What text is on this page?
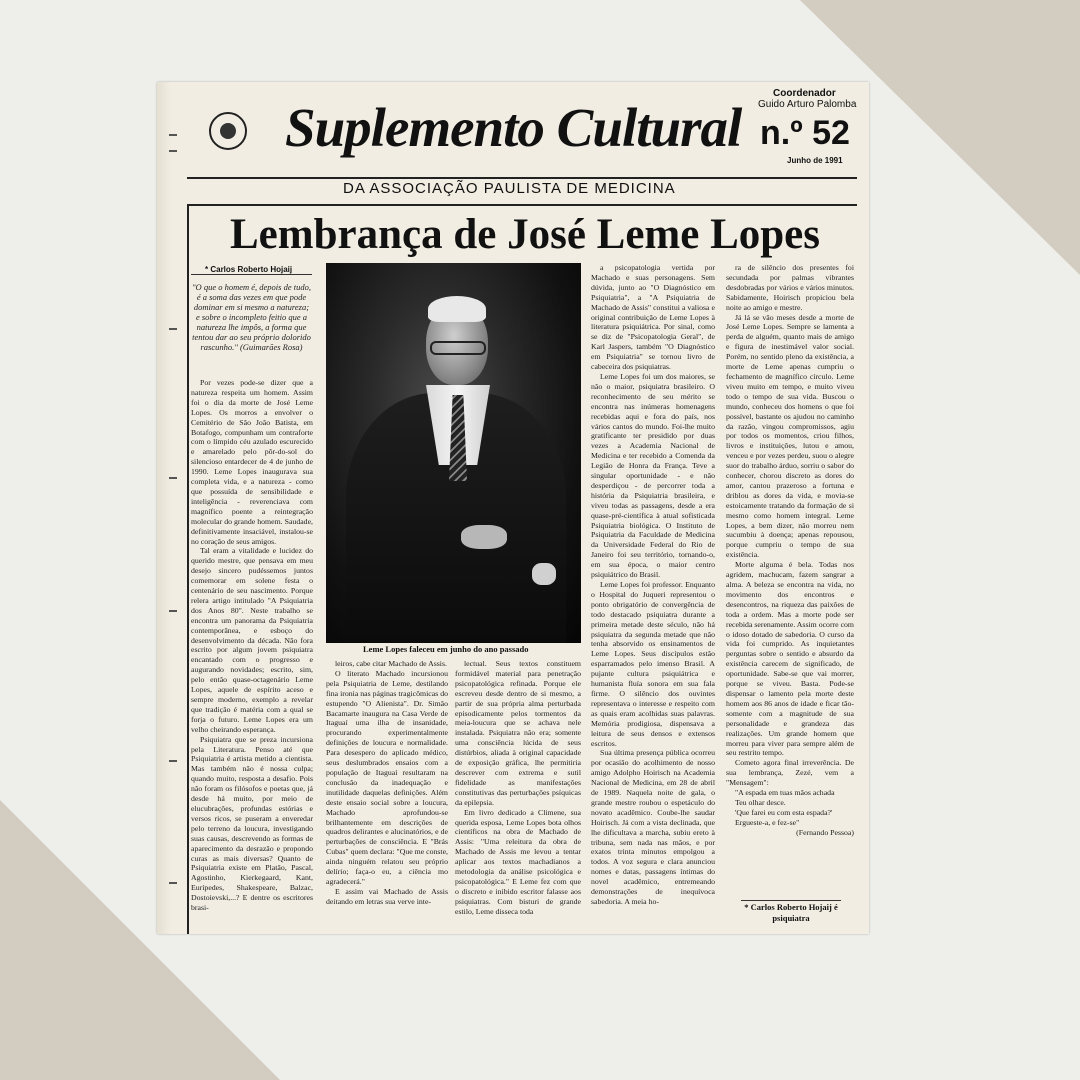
Suplemento Cultural
Coordenador
Guido Arturo Palomba
n.º 52
Junho de 1991
DA ASSOCIAÇÃO PAULISTA DE MEDICINA
Lembrança de José Leme Lopes
* Carlos Roberto Hojaij
"O que o homem é, depois de tudo, é a soma das vezes em que pode dominar em si mesmo a natureza; e sobre o incompleto feitio que a natureza lhe impôs, a forma que tentou dar ao seu próprio dolorido rascunho." (Guimarães Rosa)

Por vezes pode-se dizer que a natureza respeita um homem. Assim foi o dia da morte de José Leme Lopes. Os morros a envolver o Cemitério de São João Batista, em Botafogo, compunham um contraforte com o límpido céu azulado escurecido e amarelado pelo pôr-do-sol do silencioso entardecer de 4 de junho de 1990. Leme Lopes inaugurava sua completa vida, e a natureza - como que possuída de sensibilidade e inteligência - reverenciava com magnífico poente a reintegração molecular do grande homem. Saudade, definitivamente insaciável, instalou-se no coração de seus amigos.

Tal eram a vitalidade e lucidez do querido mestre, que pensava em meu desejo sincero pudéssemos juntos comemorar em solene festa o centenário de seu nascimento. Porque relera artigo intitulado "A Psiquiatria dos Anos 80". Neste trabalho se encontra um panorama da Psiquiatria contemporânea, e esboço do desenvolvimento da década. Não fora escrito por algum jovem psiquiatra encantado com o progresso e augurando novidades; escrito, sim, pelo então quase-octagenário Leme Lopes, aquele de espírito aceso e sempre moderno, exemplo a revelar que tradição é matéria com a qual se forja o futuro. Leme Lopes era um velho cheirando esperança.

Psiquiatra que se preza incursiona pela Literatura. Penso até que Psiquiatria é artista metido a cientista. Mas também não é nossa culpa; quando muito, resposta a desafio. Pois não foram os filósofos e poetas que, já desde há muito, por meio de elucubrações, profundas estórias e versos ricos, se puseram a enveredar pelo terreno da loucura, investigando suas causas, descrevendo as formas de aparecimento da desrazão e propondo curas as mais diversas? Quanto de Psiquiatria existe em Platão, Pascal, Agostinho, Kierkegaard, Kant, Eurípedes, Shakespeare, Balzac, Dostoievski,...? E dentre os escritores brasi-

Leme Lopes faleceu em junho do ano passado

leiros, cabe citar Machado de Assis.

O literato Machado incursionou pela Psiquiatria de Leme, destilando fina ironia nas páginas tragicômicas do estupendo "O Alienista". Dr. Simão Bacamarte inaugura na Casa Verde de Itaguaí uma ilha de insanidade, procurando experimentalmente definições de loucura e normalidade. Para desespero do aplicado médico, seus deslumbrados ensaios com a população de Itaguaí resultaram na conclusão da inadequação e inutilidade daquelas definições. Além deste ensaio social sobre a loucura, Machado aprofundou-se brilhantemente em descrições de quadros delirantes e alucinatórios, e de perturbações de consciência. E "Brás Cubas" quem declara: "Que me conste, ainda ninguém relatou seu próprio delírio; faça-o eu, a ciência mo agradecerá."

E assim vai Machado de Assis deitando em letras sua verve inte-

lectual. Seus textos constituem formidável material para penetração psicopatológica refinada. Porque ele escreveu desde dentro de si mesmo, a partir de sua própria alma perturbada episodicamente pelos tormentos da meia-loucura que se achava nele instalada. Psiquiatra não era; somente uma consciência lúcida de seus distúrbios, aliada à original capacidade de exposição gráfica, lhe permitiria descrever com extrema e sutil fidelidade as manifestações constitutivas das perturbações psíquicas da epilepsia.

Em livro dedicado a Climene, sua querida esposa, Leme Lopes bota olhos científicos na obra de Machado de Assis: "Uma releitura da obra de Machado de Assis me levou a tentar aplicar aos textos machadianos a metodologia da análise psicológica e psicopatológica." E Leme fez com que o discreto e inibido escritor falasse aos psiquiatras. Com bisturi de grande estilo, Leme disseca toda

a psicopatologia vertida por Machado e suas personagens. Sem dúvida, junto ao "O Diagnóstico em Psiquiatria", a "A Psiquiatria de Machado de Assis" constitui a valiosa e original contribuição de Leme Lopes à literatura psiquiátrica. Por sinal, como se diz de "Psicopatologia Geral", de Karl Jaspers, também "O Diagnóstico em Psiquiatria" se tornou livro de cabeceira dos psiquiatras.

Leme Lopes foi um dos maiores, se não o maior, psiquiatra brasileiro. O reconhecimento de seu mérito se encontra nas inúmeras homenagens recebidas aqui e fora do país, nos vários cantos do mundo. Foi-lhe muito gratificante ter presidido por duas vezes a Academia Nacional de Medicina e ter recebido a Comenda da Legião de Honra da França. Teve a singular oportunidade - e não desperdiçou - de percorrer toda a história da Psiquiatria brasileira, e viveu todas as passagens, desde a era quase-pré-científica à atual sofisticada Psiquiatria biológica. O Instituto de Psiquiatria da Faculdade de Medicina da Universidade Federal do Rio de Janeiro foi seu território, tornando-o, em sua época, o maior centro psiquiátrico do Brasil.

Leme Lopes foi professor. Enquanto o Hospital do Juqueri representou o ponto obrigatório de convergência de todo destacado psiquiatra durante a primeira metade deste século, não há psiquiatra da segunda metade que não tenha absorvido os ensinamentos de Leme Lopes. Seus discípulos estão esparramados pelo imenso Brasil. A pujante cultura psiquiátrica e humanista fluía sonora em sua fala firme. O silêncio dos ouvintes representava o interesse e respeito com as quais eram acolhidas suas palavras. Memória prodigiosa, dispensava a leitura de seus densos e extensos escritos.

Sua última presença pública ocorreu por ocasião do acolhimento de nosso amigo Adolpho Hoirisch na Academia Nacional de Medicina, em 28 de abril de 1989. Naquela noite de gala, o grande mestre roubou o espetáculo do novato acadêmico. Coube-lhe saudar Hoirisch. Já com a vista declinada, que lhe dificultava a marcha, subiu ereto à tribuna, sem nada nas mãos, e por exatos trinta minutos empolgou a todos. A voz segura e clara anunciou nomes e datas, passagens íntimas do novel acadêmico, entremeando demonstrações de inequívoca sabedoria. A meia ho-

ra de silêncio dos presentes foi secundada por palmas vibrantes desdobradas por vários e vários minutos. Sabidamente, Hoirisch propiciou bela noite ao amigo e mestre.

Já lá se vão meses desde a morte de José Leme Lopes. Sempre se lamenta a perda de alguém, quanto mais de amigo e figura de inestimável valor social. Porém, no sentido pleno da existência, a morte de Leme apenas cumpriu o fechamento de magnífico círculo. Leme viveu muito em tempo, e muito viveu todo o tempo de sua vida. Buscou o mundo, conheceu dos homens o que foi possível, bastante os ajudou no caminho da razão, vingou compromissos, agiu por todos os momentos, criou filhos, livros e instituições, lutou e amou, venceu e por vezes perdeu, suou o alegre suor do trabalho árduo, sorriu o sabor do conhecer, chorou discreto as dores do amor, cantou prazeroso a fortuna e driblou as dores da vida, e movia-se estoicamente tratando da formação de si mesmo como homem integral. Leme Lopes, a bem dizer, não morreu nem sucumbiu à doença; apenas repousou, porque cumpriu o tempo de sua existência.

Morte alguma é bela. Todas nos agridem, machucam, fazem sangrar a alma. A beleza se encontra na vida, no movimento dos encontros e desencontros, na riqueza das paixões de toda a ordem. Mas a morte pode ser recebida serenamente. Assim ocorre com o idoso dotado de sabedoria. O curso da vida foi cumprido. As inquietantes perguntas sobre o sentido e absurdo da existência carecem de significado, de oportunidade. Sabe-se que vai morrer, porque se viveu. Basta. Pode-se dispensar o lamento pela morte deste homem aos 86 anos de idade e ficar tão-somente com a magnitude de sua personalidade e grandeza das realizações. Um grande homem que morreu para viver para sempre além de seu restrito tempo.

Cometo agora final irreverência. De sua lembrança, Zezé, vem a "Mensagem":

"A espada em tuas mãos achada

Teu olhar desce.

'Que farei eu com esta espada?'

Ergueste-a, e fez-se"

(Fernando Pessoa)

* Carlos Roberto Hojaij é psiquiatra
